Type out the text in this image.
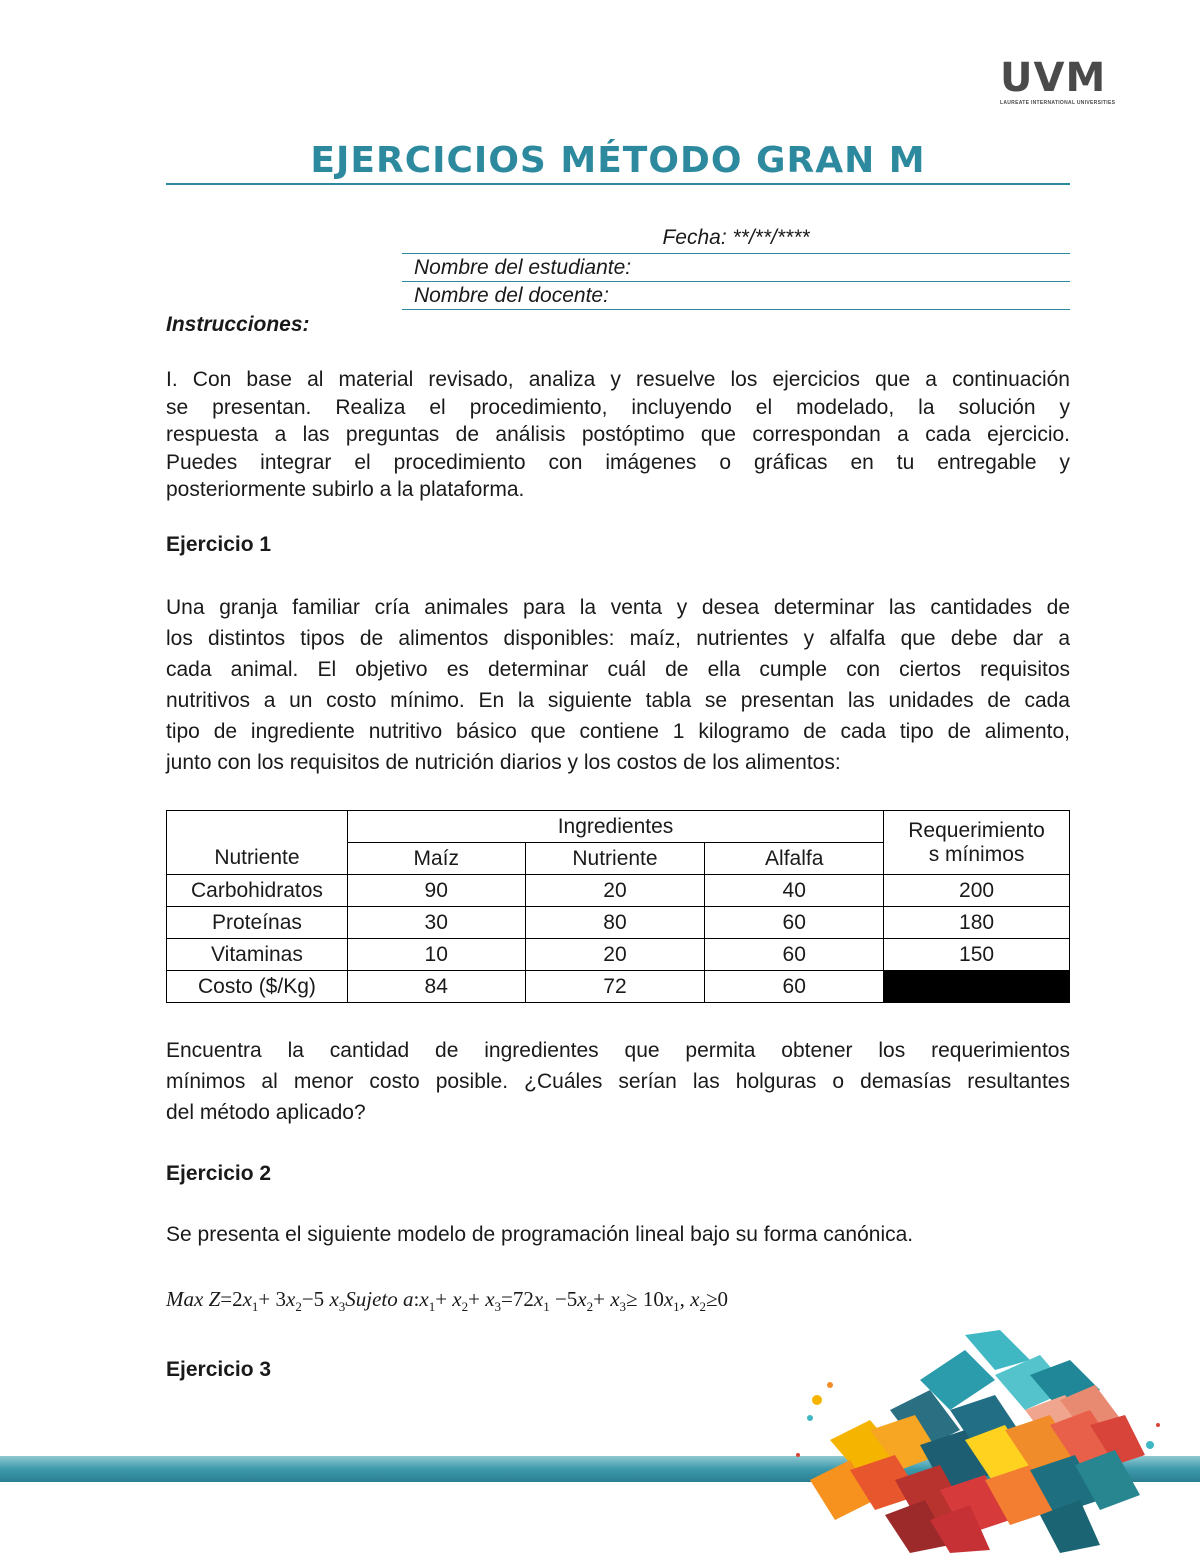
UVM
LAUREATE INTERNATIONAL UNIVERSITIES
EJERCICIOS MÉTODO GRAN M
Fecha: **/**/****
Nombre del estudiante:
Nombre del docente:
Instrucciones:
I. Con base al material revisado, analiza y resuelve los ejercicios que a continuación
se presentan. Realiza el procedimiento, incluyendo el modelado, la solución y
respuesta a las preguntas de análisis postóptimo que correspondan a cada ejercicio.
Puedes integrar el procedimiento con imágenes o gráficas en tu entregable y
posteriormente subirlo a la plataforma.
Ejercicio 1
Una granja familiar cría animales para la venta y desea determinar las cantidades de
los distintos tipos de alimentos disponibles: maíz, nutrientes y alfalfa que debe dar a
cada animal. El objetivo es determinar cuál de ella cumple con ciertos requisitos
nutritivos a un costo mínimo. En la siguiente tabla se presentan las unidades de cada
tipo de ingrediente nutritivo básico que contiene 1 kilogramo de cada tipo de alimento,
junto con los requisitos de nutrición diarios y los costos de los alimentos:
Nutriente	Ingredientes			Requerimiento
s mínimos
	Maíz	Nutriente	Alfalfa	
Carbohidratos	90	20	40	200
Proteínas	30	80	60	180
Vitaminas	10	20	60	150
Costo ($/Kg)	84	72	60	
Encuentra la cantidad de ingredientes que permita obtener los requerimientos
mínimos al menor costo posible. ¿Cuáles serían las holguras o demasías resultantes
del método aplicado?
Ejercicio 2
Se presenta el siguiente modelo de programación lineal bajo su forma canónica.
Max $Z=2x_1+ 3x_2-5$ $x_3Sujeto$ $a:x_1+ x_2+ x_3=72x_1 -5x_2+ x_3\ge 10x_1$, $x_2\ge 0$
Ejercicio 3
